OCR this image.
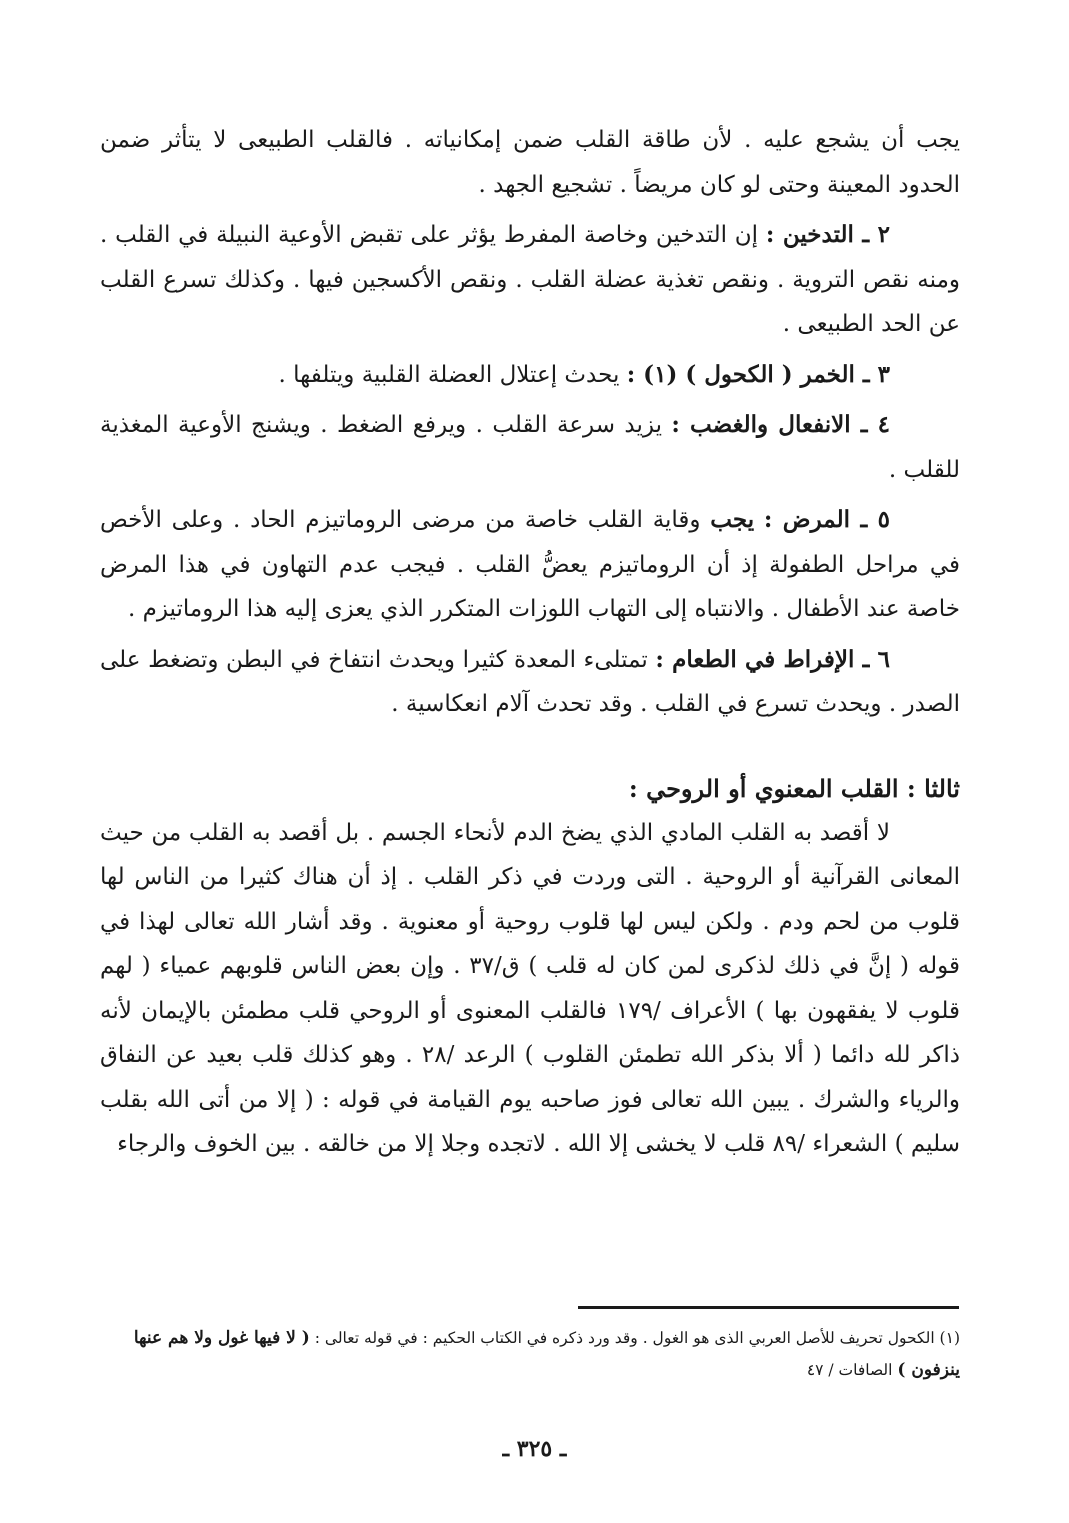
يجب أن يشجع عليه . لأن طاقة القلب ضمن إمكانياته . فالقلب الطبيعى لا يتأثر ضمن الحدود المعينة وحتى لو كان مريضاً . تشجيع الجهد .

٢ ـ التدخين : إن التدخين وخاصة المفرط يؤثر على تقبض الأوعية النبيلة في القلب . ومنه نقص التروية . ونقص تغذية عضلة القلب . ونقص الأكسجين فيها . وكذلك تسرع القلب عن الحد الطبيعى .

٣ ـ الخمر ( الكحول ) (١) : يحدث إعتلال العضلة القلبية ويتلفها .

٤ ـ الانفعال والغضب : يزيد سرعة القلب . ويرفع الضغط . ويشنج الأوعية المغذية للقلب .

٥ ـ المرض : يجب وقاية القلب خاصة من مرضى الروماتيزم الحاد . وعلى الأخص في مراحل الطفولة إذ أن الروماتيزم يعضُّ القلب . فيجب عدم التهاون في هذا المرض خاصة عند الأطفال . والانتباه إلى التهاب اللوزات المتكرر الذي يعزى إليه هذا الروماتيزم .

٦ ـ الإفراط في الطعام : تمتلىء المعدة كثيرا ويحدث انتفاخ في البطن وتضغط على الصدر . ويحدث تسرع في القلب . وقد تحدث آلام انعكاسية .

ثالثا : القلب المعنوي أو الروحي :

لا أقصد به القلب المادي الذي يضخ الدم لأنحاء الجسم . بل أقصد به القلب من حيث المعانى القرآنية أو الروحية . التى وردت في ذكر القلب . إذ أن هناك كثيرا من الناس لها قلوب من لحم ودم . ولكن ليس لها قلوب روحية أو معنوية . وقد أشار الله تعالى لهذا في قوله ( إنَّ في ذلك لذكرى لمن كان له قلب ) ق/٣٧ . وإن بعض الناس قلوبهم عمياء ( لهم قلوب لا يفقهون بها ) الأعراف /١٧٩ فالقلب المعنوى أو الروحي قلب مطمئن بالإيمان لأنه ذاكر لله دائما ( ألا بذكر الله تطمئن القلوب ) الرعد /٢٨ . وهو كذلك قلب بعيد عن النفاق والرياء والشرك . يبين الله تعالى فوز صاحبه يوم القيامة في قوله : ( إلا من أتى الله بقلب سليم ) الشعراء /٨٩ قلب لا يخشى إلا الله . لاتجده وجلا إلا من خالقه . بين الخوف والرجاء

(١) الكحول تحريف للأصل العربي الذى هو الغول . وقد ورد ذكره في الكتاب الحكيم : في قوله تعالى : ( لا فيها غول ولا هم عنها ينزفون ) الصافات / ٤٧
ـ ٣٢٥ ـ
